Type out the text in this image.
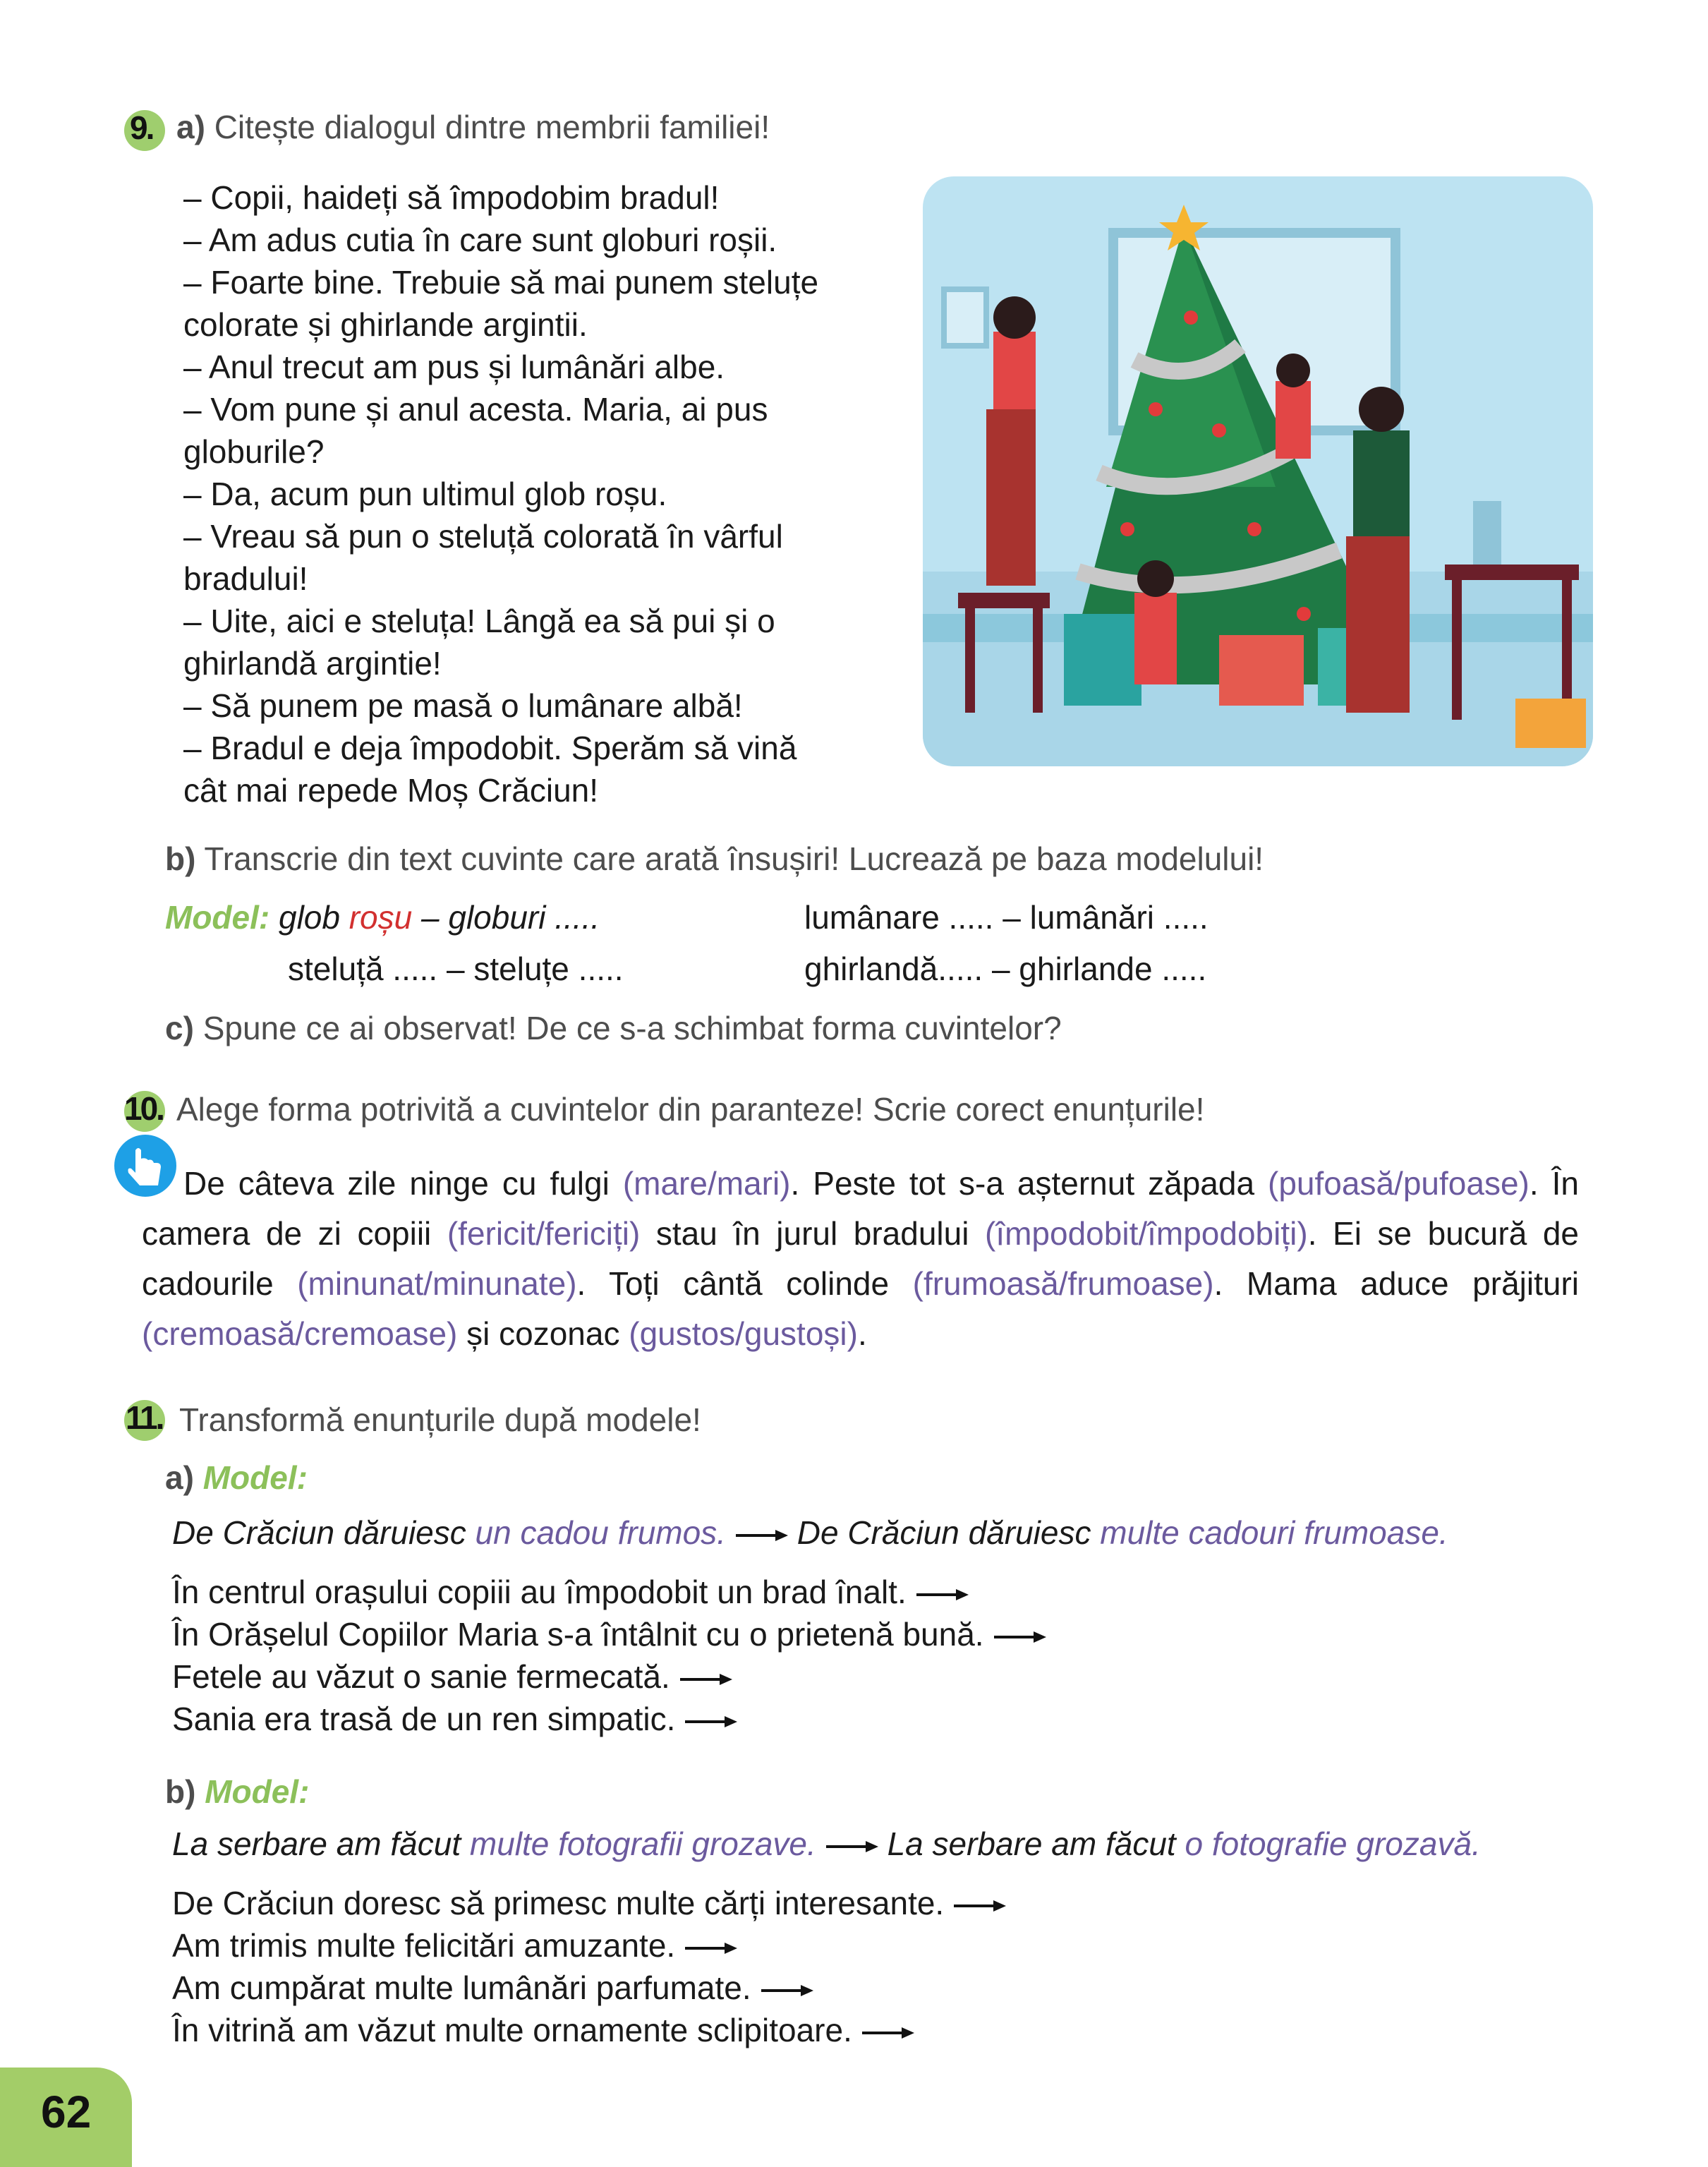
9. a) Citește dialogul dintre membrii familiei!
b) Transcrie din text cuvinte care arată însușiri! Lucrează pe baza modelului!
Model: glob roșu – globuri .....	lumânare ..... – lumânări .....
steluță ..... – steluțe .....	ghirlandă..... – ghirlande .....
c) Spune ce ai observat! De ce s-a schimbat forma cuvintelor?
10. Alege forma potrivită a cuvintelor din paranteze! Scrie corect enunțurile!
De câteva zile ninge cu fulgi (mare/mari). Peste tot s-a așternut zăpada (pufoasă/pufoase). În camera de zi copiii (fericit/fericiți) stau în jurul bradului (împodobit/împodobiți). Ei se bucură de cadourile (minunat/minunate). Toți cântă colinde (frumoasă/frumoase). Mama aduce prăjituri (cremoasă/cremoase) și cozonac (gustos/gustoși).
11. Transformă enunțurile după modele!
a) Model:
De Crăciun dăruiesc un cadou frumos. De Crăciun dăruiesc multe cadouri frumoase.
b) Model:
La serbare am făcut multe fotografii grozave. La serbare am făcut o fotografie grozavă.
62
– Copii, haideți să împodobim bradul!
– Am adus cutia în care sunt globuri roșii.
– Foarte bine. Trebuie să mai punem steluțe
colorate și ghirlande argintii.
– Anul trecut am pus și lumânări albe.
– Vom pune și anul acesta. Maria, ai pus
globurile?
– Da, acum pun ultimul glob roșu.
– Vreau să pun o steluță colorată în vârful
bradului!
– Uite, aici e steluța! Lângă ea să pui și o
ghirlandă argintie!
– Să punem pe masă o lumânare albă!
– Bradul e deja împodobit. Sperăm să vină
cât mai repede Moș Crăciun!
În centrul orașului copiii au împodobit un brad înalt.
În Orășelul Copiilor Maria s-a întâlnit cu o prietenă bună.
Fetele au văzut o sanie fermecată.
Sania era trasă de un ren simpatic.
De Crăciun doresc să primesc multe cărți interesante.
Am trimis multe felicitări amuzante.
Am cumpărat multe lumânări parfumate.
În vitrină am văzut multe ornamente sclipitoare.
